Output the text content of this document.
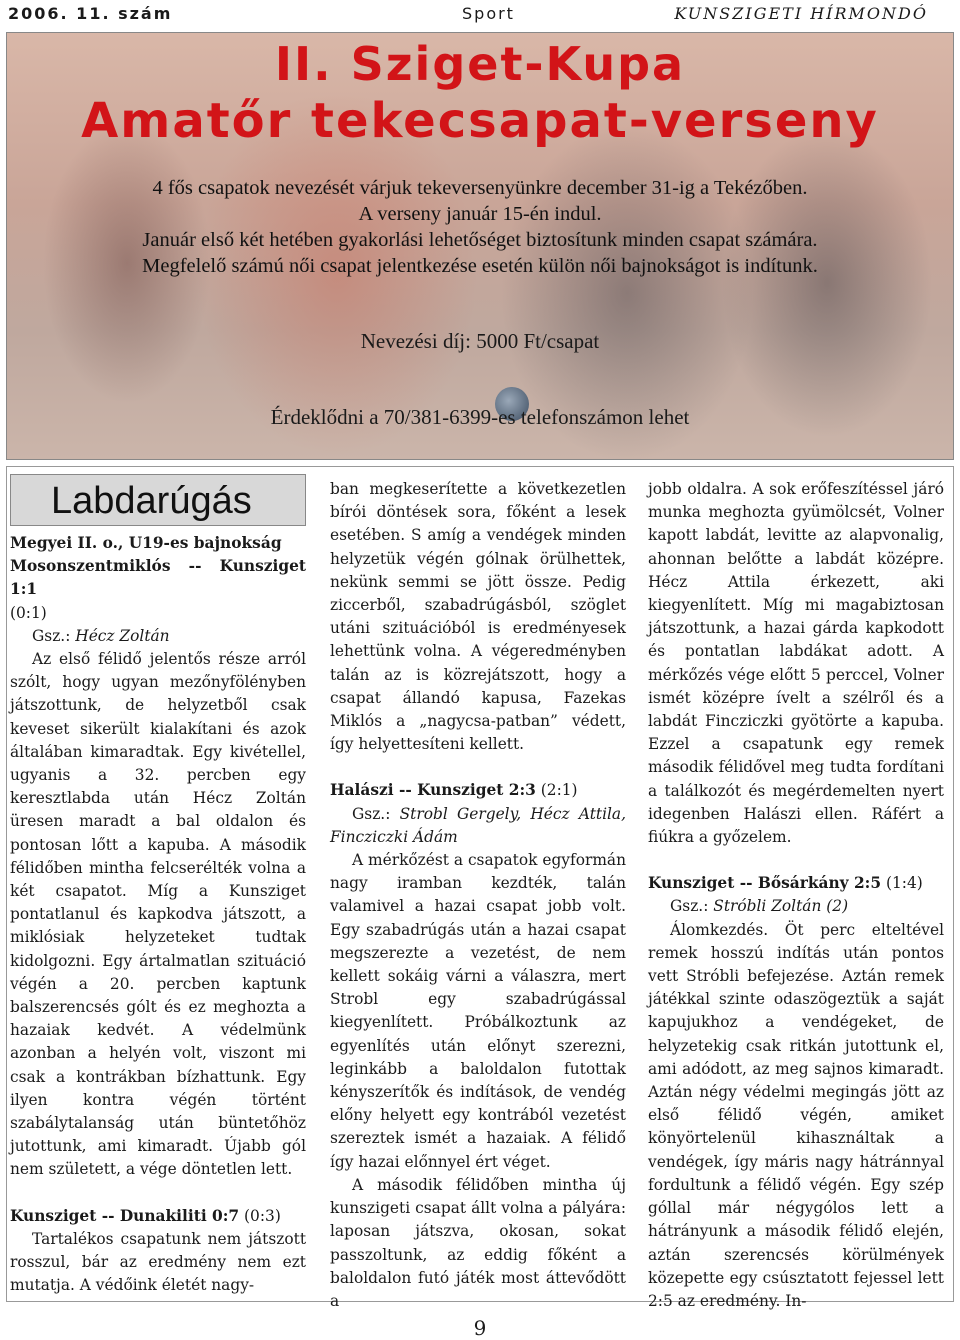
2006. 11. szám	Sport	KUNSZIGETI HÍRMONDÓ
II. Sziget-Kupa
Amatőr tekecsapat-verseny
4 fős csapatok nevezését várjuk tekeversenyünkre december 31-ig a Tekézőben.
A verseny január 15-én indul.
Január első két hetében gyakorlási lehetőséget biztosítunk minden csapat számára.
Megfelelő számú női csapat jelentkezése esetén külön női bajnokságot is indítunk.
Nevezési díj: 5000 Ft/csapat
Érdeklődni a 70/381-6399-es telefonszámon lehet
Labdarúgás

Megyei II. o., U19-es bajnokság

Mosonszentmiklós -- Kunsziget 1:1

(0:1)

Gsz.: Hécz Zoltán

Az első félidő jelentős része arról szólt, hogy ugyan mezőnyfölényben játszottunk, de helyzetből csak keveset sikerült kialakítani és azok általában kimaradtak. Egy kivétellel, ugyanis a 32. percben egy keresztlabda után Hécz Zoltán üresen maradt a bal oldalon és pontosan lőtt a kapuba. A második félidőben mintha felcserélték volna a két csapatot. Míg a Kunsziget pontatlanul és kapkodva játszott, a miklósiak helyzeteket tudtak kidolgozni. Egy ártalmatlan szituáció végén a 20. percben kaptunk balszerencsés gólt és ez meghozta a hazaiak kedvét. A védelmünk azonban a helyén volt, viszont mi csak a kontrákban bízhattunk. Egy ilyen kontra végén történt szabálytalanság után büntetőhöz jutottunk, ami kimaradt. Újabb gól nem született, a vége döntetlen lett.

Kunsziget -- Dunakiliti 0:7 (0:3)

Tartalékos csapatunk nem játszott rosszul, bár az eredmény nem ezt mutatja. A védőink életét nagy-

ban megkeserítette a következetlen bírói döntések sora, főként a lesek esetében. S amíg a vendégek minden helyzetük végén gólnak örülhettek, nekünk semmi se jött össze. Pedig ziccerből, szabadrúgásból, szöglet utáni szituációból is eredményesek lehettünk volna. A végeredményben talán az is közrejátszott, hogy a csapat állandó kapusa, Fazekas Miklós a „nagycsa-patban” védett, így helyettesíteni kellett.

Halászi -- Kunsziget 2:3 (2:1)

Gsz.: Strobl Gergely, Hécz Attila, Fincziczki Ádám

A mérkőzést a csapatok egyformán nagy iramban kezdték, talán valamivel a hazai csapat jobb volt. Egy szabadrúgás után a hazai csapat megszerezte a vezetést, de nem kellett sokáig várni a válaszra, mert Strobl egy szabadrúgással kiegyenlített. Próbálkoztunk az egyenlítés után előnyt szerezni, leginkább a baloldalon futottak kényszerítők és indítások, de vendég előny helyett egy kontrából vezetést szereztek ismét a hazaiak. A félidő így hazai előnnyel ért véget.

A második félidőben mintha új kunszigeti csapat állt volna a pályára: laposan játszva, okosan, sokat passzoltunk, az eddig főként a baloldalon futó játék most áttevődött a

jobb oldalra. A sok erőfeszítéssel járó munka meghozta gyümölcsét, Volner kapott labdát, levitte az alapvonalig, ahonnan belőtte a labdát középre. Hécz Attila érkezett, aki kiegyenlített. Míg mi magabiztosan játszottunk, a hazai gárda kapkodott és pontatlan labdákat adott. A mérkőzés vége előtt 5 perccel, Volner ismét középre ívelt a szélről és a labdát Fincziczki gyötörte a kapuba. Ezzel a csapatunk egy remek második félidővel meg tudta fordítani a találkozót és megérdemelten nyert idegenben Halászi ellen. Ráfért a fiúkra a győzelem.

Kunsziget -- Bősárkány 2:5 (1:4)

Gsz.: Stróbli Zoltán (2)

Álomkezdés. Öt perc elteltével remek hosszú indítás után pontos vett Stróbli befejezése. Aztán remek játékkal szinte odaszögeztük a saját kapujukhoz a vendégeket, de helyzetekig csak ritkán jutottunk el, ami adódott, az meg sajnos kimaradt. Aztán négy védelmi megingás jött az első félidő végén, amiket könyörtelenül kihasználtak a vendégek, így máris nagy hátránnyal fordultunk a félidő végén. Egy szép góllal már négygólos lett a hátrányunk a második félidő elején, aztán szerencsés körülmények közepette egy csúsztatott fejessel lett 2:5 az eredmény. In-

9
